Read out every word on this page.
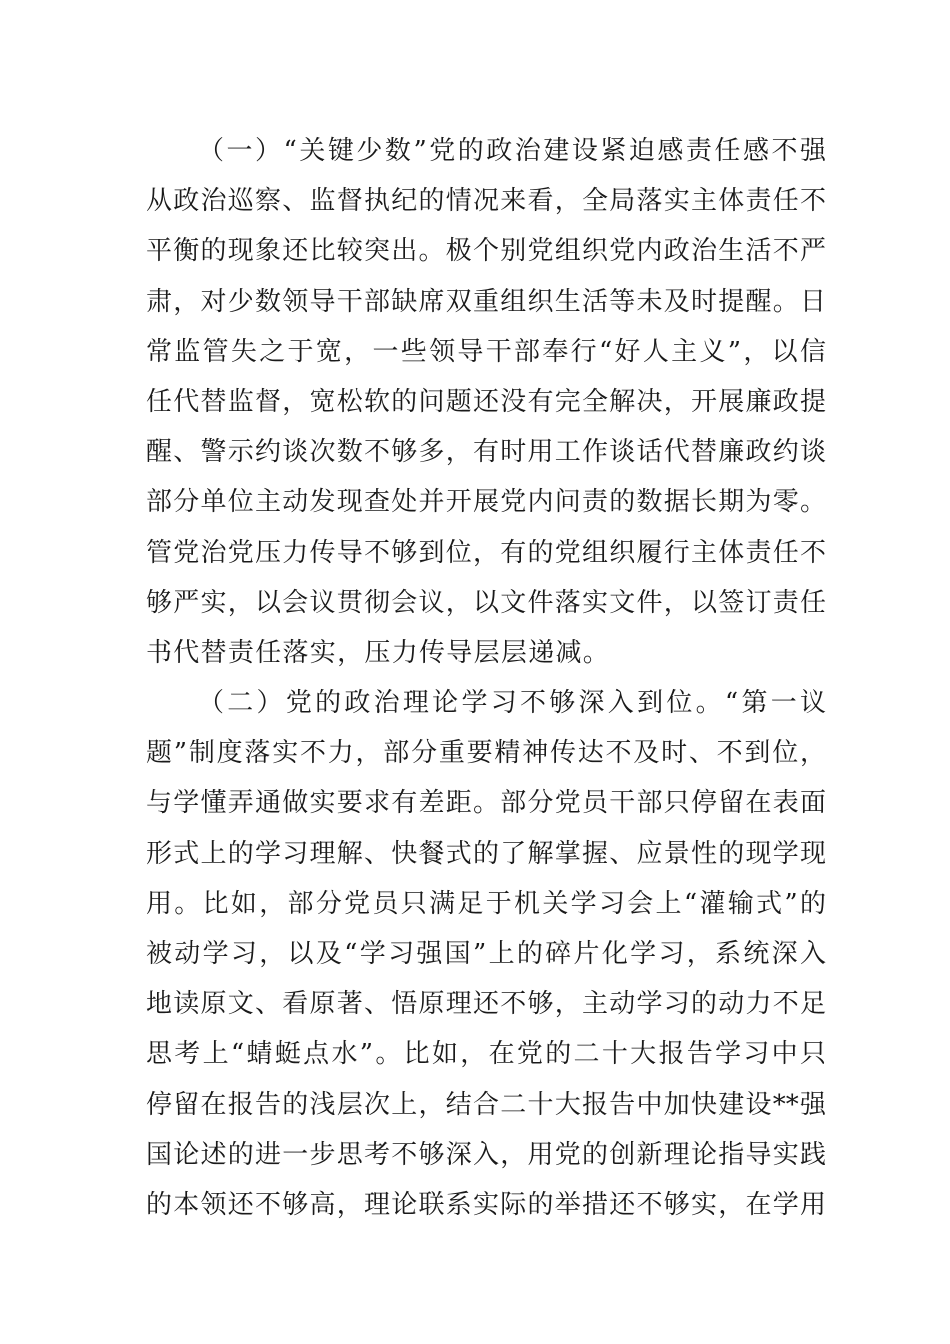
（一）“关键少数”党的政治建设紧迫感责任感不强
从政治巡察、监督执纪的情况来看，全局落实主体责任不
平衡的现象还比较突出。极个别党组织党内政治生活不严
肃，对少数领导干部缺席双重组织生活等未及时提醒。日
常监管失之于宽，一些领导干部奉行“好人主义”，以信
任代替监督，宽松软的问题还没有完全解决，开展廉政提
醒、警示约谈次数不够多，有时用工作谈话代替廉政约谈
部分单位主动发现查处并开展党内问责的数据长期为零。
管党治党压力传导不够到位，有的党组织履行主体责任不
够严实，以会议贯彻会议，以文件落实文件，以签订责任
书代替责任落实，压力传导层层递减。
（二）党的政治理论学习不够深入到位。“第一议
题”制度落实不力，部分重要精神传达不及时、不到位，
与学懂弄通做实要求有差距。部分党员干部只停留在表面
形式上的学习理解、快餐式的了解掌握、应景性的现学现
用。比如，部分党员只满足于机关学习会上“灌输式”的
被动学习，以及“学习强国”上的碎片化学习，系统深入
地读原文、看原著、悟原理还不够，主动学习的动力不足
思考上“蜻蜓点水”。比如，在党的二十大报告学习中只
停留在报告的浅层次上，结合二十大报告中加快建设**强
国论述的进一步思考不够深入，用党的创新理论指导实践
的本领还不够高，理论联系实际的举措还不够实，在学用
